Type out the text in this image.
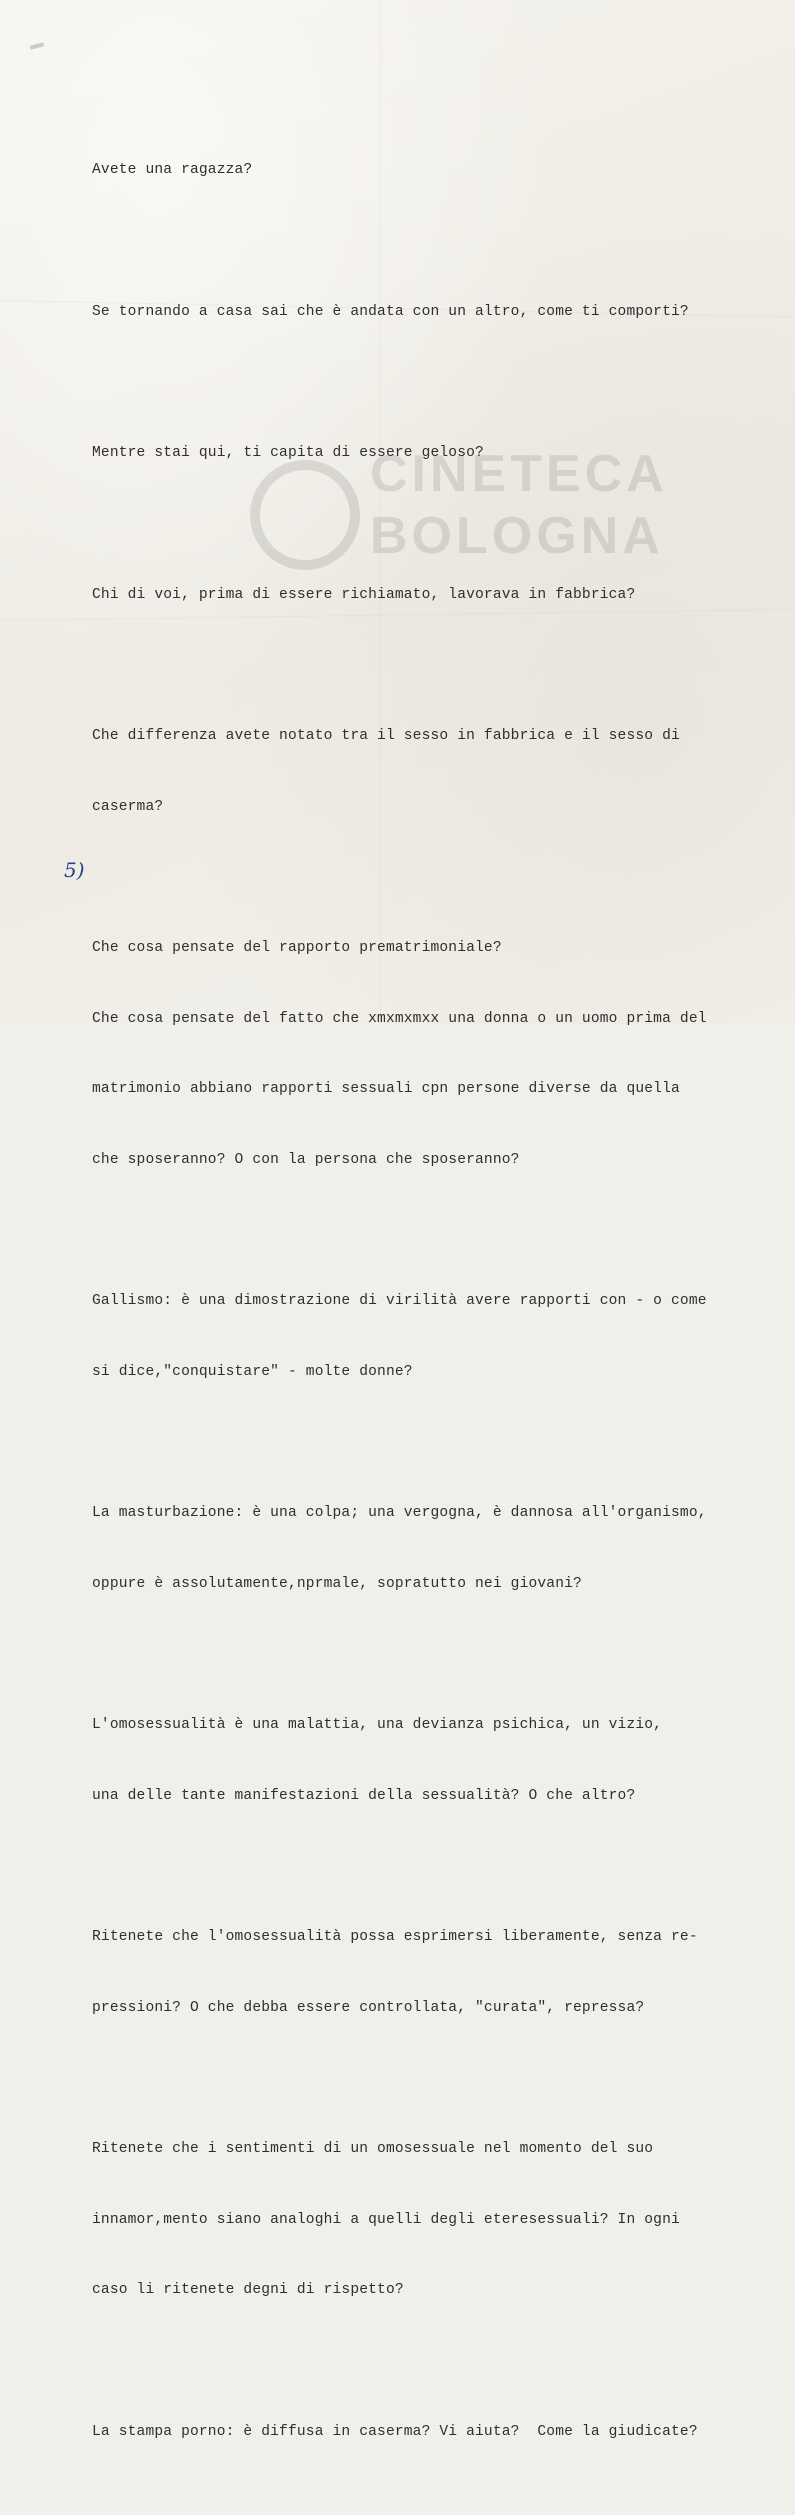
CINETECA
BOLOGNA
5)

Avete una ragazza?

Se tornando a casa sai che è andata con un altro, come ti comporti?

Mentre stai qui, ti capita di essere geloso?

Chi di voi, prima di essere richiamato, lavorava in fabbrica?

Che differenza avete notato tra il sesso in fabbrica e il sesso di

caserma?

Che cosa pensate del rapporto prematrimoniale?

Che cosa pensate del fatto che xmxmxmxx una donna o un uomo prima del

matrimonio abbiano rapporti sessuali cpn persone diverse da quella

che sposeranno? O con la persona che sposeranno?

Gallismo: è una dimostrazione di virilità avere rapporti con - o come

si dice,"conquistare" - molte donne?

La masturbazione: è una colpa; una vergogna, è dannosa all'organismo,

oppure è assolutamente,nprmale, sopratutto nei giovani?

L'omosessualità è una malattia, una devianza psichica, un vizio,

una delle tante manifestazioni della sessualità? O che altro?

Ritenete che l'omosessualità possa esprimersi liberamente, senza re-

pressioni? O che debba essere controllata, "curata", repressa?

Ritenete che i sentimenti di un omosessuale nel momento del suo

innamor,mento siano analoghi a quelli degli eteresessuali? In ogni

caso li ritenete degni di rispetto?

La stampa porno: è diffusa in caserma? Vi aiuta?  Come la giudicate?
